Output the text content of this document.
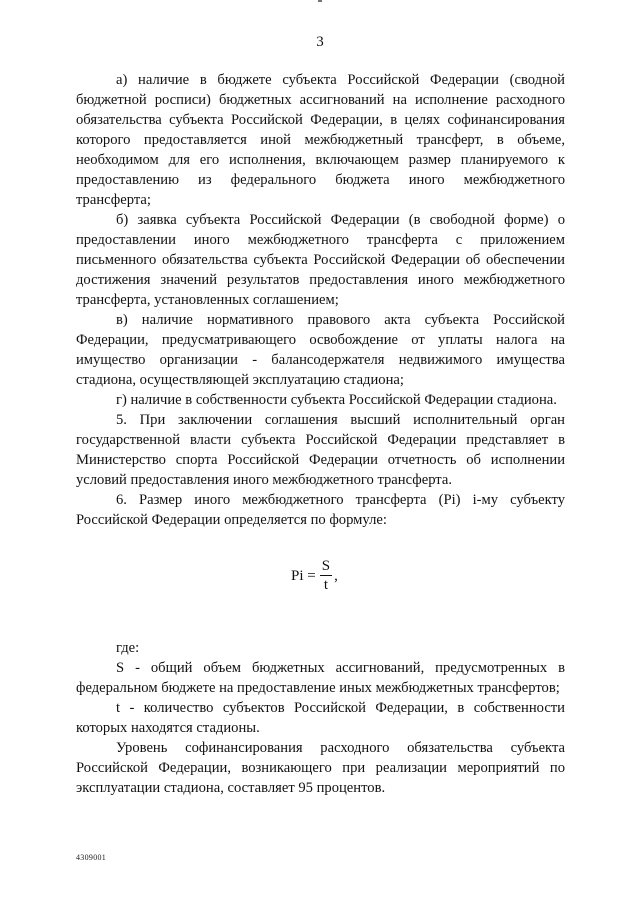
3

а) наличие в бюджете субъекта Российской Федерации (сводной бюджетной росписи) бюджетных ассигнований на исполнение расходного обязательства субъекта Российской Федерации, в целях софинансирования которого предоставляется иной межбюджетный трансферт, в объеме, необходимом для его исполнения, включающем размер планируемого к предоставлению из федерального бюджета иного межбюджетного трансферта;

б) заявка субъекта Российской Федерации (в свободной форме) о предоставлении иного межбюджетного трансферта с приложением письменного обязательства субъекта Российской Федерации об обеспечении достижения значений результатов предоставления иного межбюджетного трансферта, установленных соглашением;

в) наличие нормативного правового акта субъекта Российской Федерации, предусматривающего освобождение от уплаты налога на имущество организации - балансодержателя недвижимого имущества стадиона, осуществляющей эксплуатацию стадиона;

г) наличие в собственности субъекта Российской Федерации стадиона.

5. При заключении соглашения высший исполнительный орган государственной власти субъекта Российской Федерации представляет в Министерство спорта Российской Федерации отчетность об исполнении условий предоставления иного межбюджетного трансферта.

6. Размер иного межбюджетного трансферта (Pi) i-му субъекту Российской Федерации определяется по формуле:

$Pi = \frac{S}{t}$ ,

где:

S - общий объем бюджетных ассигнований, предусмотренных в федеральном бюджете на предоставление иных межбюджетных трансфертов;

t - количество субъектов Российской Федерации, в собственности которых находятся стадионы.

Уровень софинансирования расходного обязательства субъекта Российской Федерации, возникающего при реализации мероприятий по эксплуатации стадиона, составляет 95 процентов.

4309001
